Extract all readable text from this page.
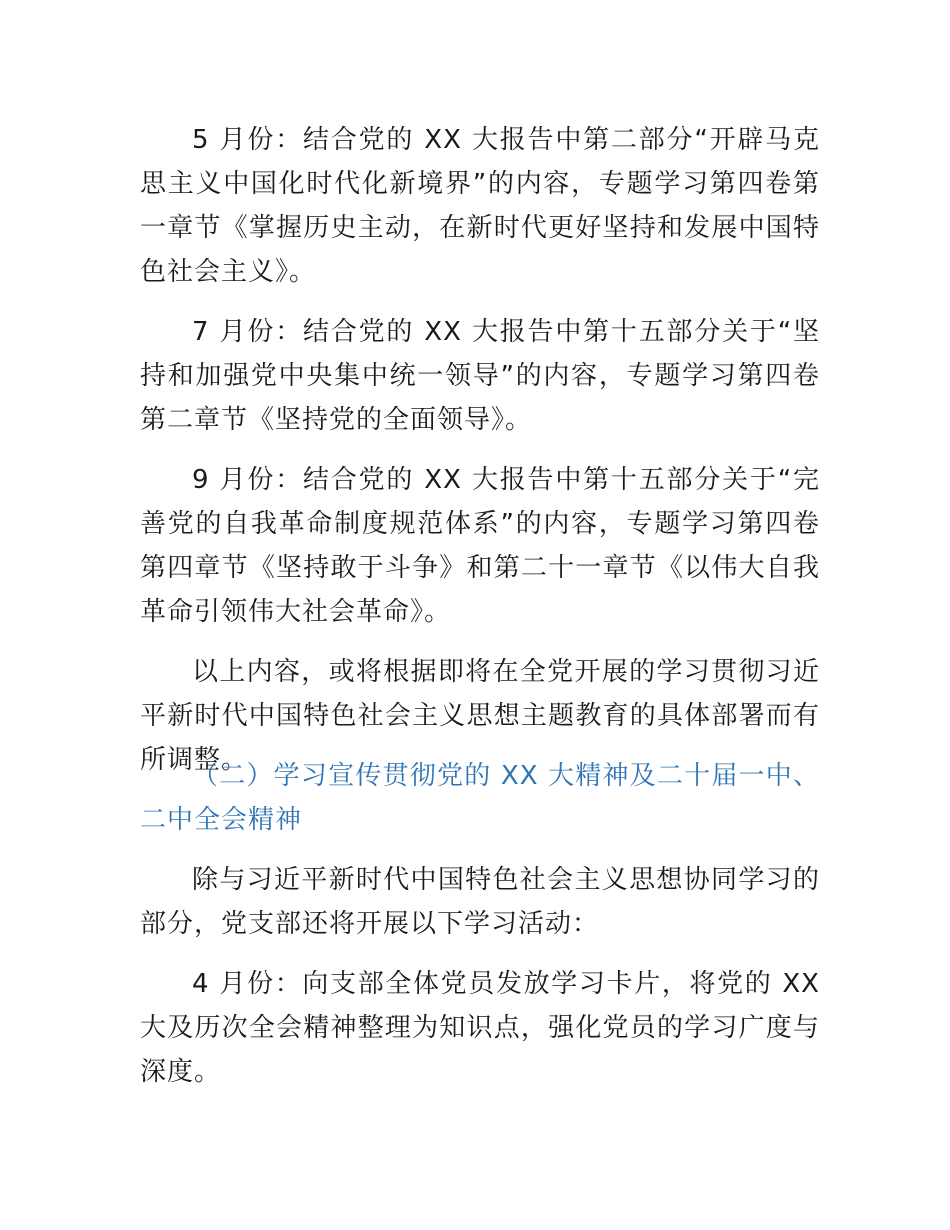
5 月份：结合党的 XX 大报告中第二部分“开辟马克思主义中国化时代化新境界”的内容，专题学习第四卷第一章节《掌握历史主动，在新时代更好坚持和发展中国特色社会主义》。

7 月份：结合党的 XX 大报告中第十五部分关于“坚持和加强党中央集中统一领导”的内容，专题学习第四卷第二章节《坚持党的全面领导》。

9 月份：结合党的 XX 大报告中第十五部分关于“完善党的自我革命制度规范体系”的内容，专题学习第四卷第四章节《坚持敢于斗争》和第二十一章节《以伟大自我革命引领伟大社会革命》。

以上内容，或将根据即将在全党开展的学习贯彻习近平新时代中国特色社会主义思想主题教育的具体部署而有所调整。

（二）学习宣传贯彻党的 XX 大精神及二十届一中、二中全会精神

除与习近平新时代中国特色社会主义思想协同学习的部分，党支部还将开展以下学习活动：

4 月份：向支部全体党员发放学习卡片，将党的 XX 大及历次全会精神整理为知识点，强化党员的学习广度与深度。
